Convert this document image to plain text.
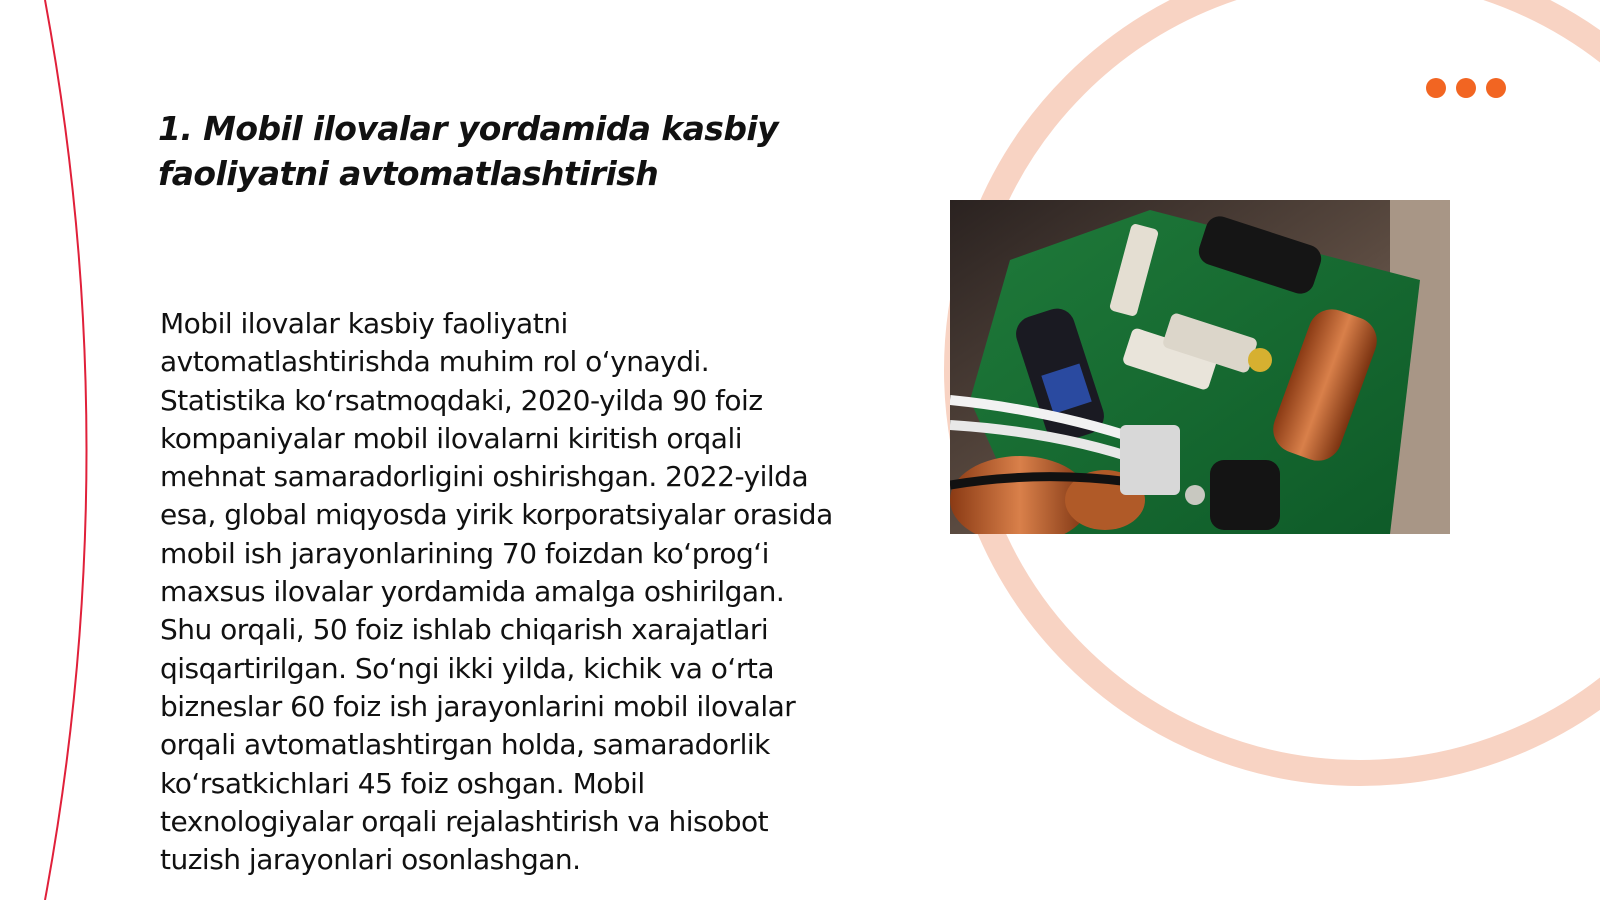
1. Mobil ilovalar yordamida kasbiy faoliyatni avtomatlashtirish

Mobil ilovalar kasbiy faoliyatni avtomatlashtirishda muhim rol o‘ynaydi. Statistika ko‘rsatmoqdaki, 2020-yilda 90 foiz kompaniyalar mobil ilovalarni kiritish orqali mehnat samaradorligini oshirishgan. 2022-yilda esa, global miqyosda yirik korporatsiyalar orasida mobil ish jarayonlarining 70 foizdan ko‘prog‘i maxsus ilovalar yordamida amalga oshirilgan. Shu orqali, 50 foiz ishlab chiqarish xarajatlari qisqartirilgan. So‘ngi ikki yilda, kichik va o‘rta bizneslar 60 foiz ish jarayonlarini mobil ilovalar orqali avtomatlashtirgan holda, samaradorlik ko‘rsatkichlari 45 foiz oshgan. Mobil texnologiyalar orqali rejalashtirish va hisobot tuzish jarayonlari osonlashgan.
